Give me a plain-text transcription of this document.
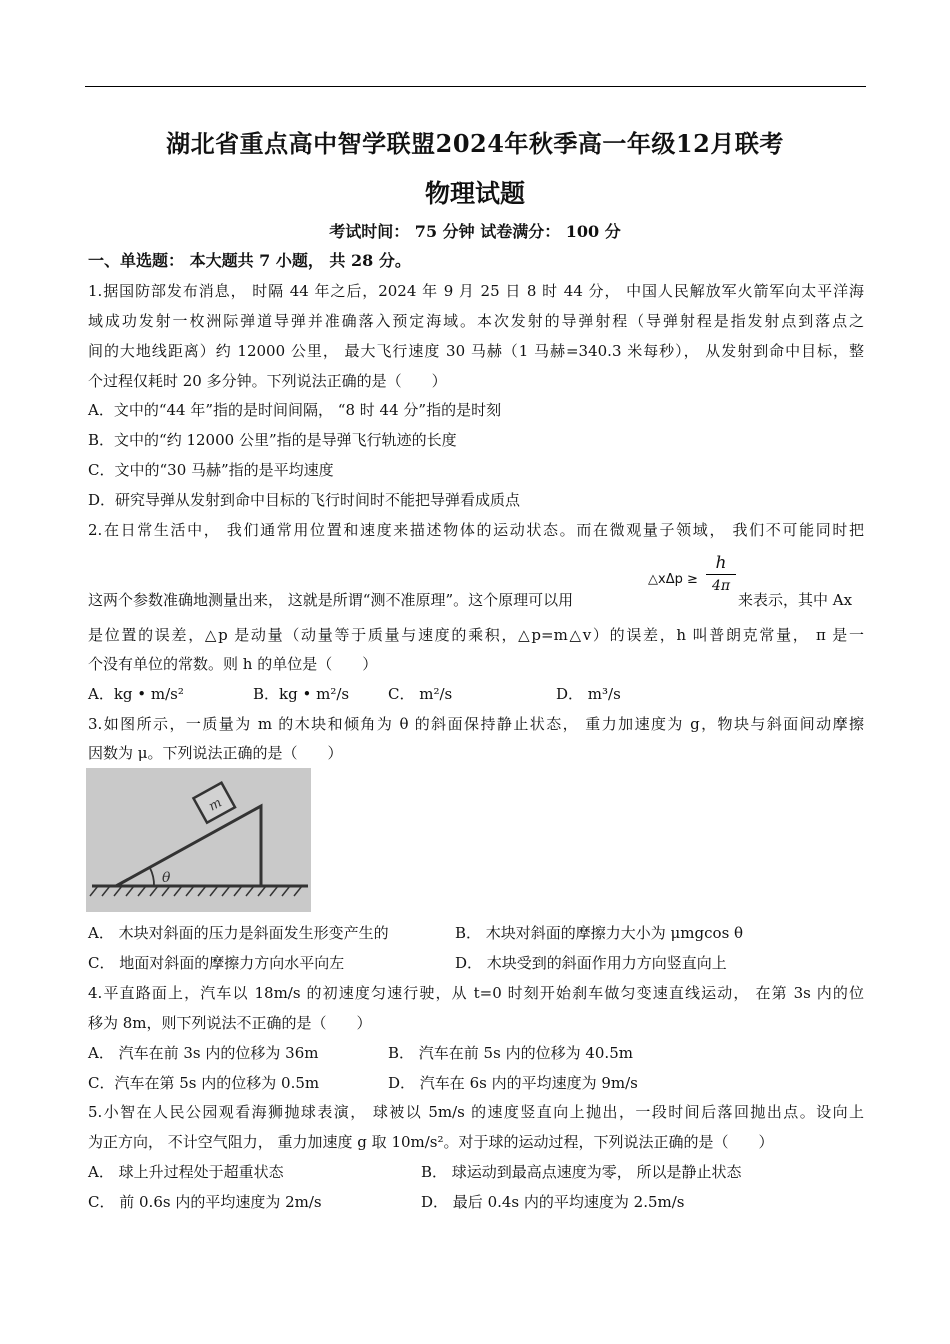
湖北省重点高中智学联盟2024年秋季高一年级12月联考
物理试题
考试时间： 75 分钟 试卷满分： 100 分
一、单选题： 本大题共 7 小题， 共 28 分。
1.据国防部发布消息， 时隔 44 年之后，2024 年 9 月 25 日 8 时 44 分， 中国人民解放军火箭军向太平洋海
域成功发射一枚洲际弹道导弹并准确落入预定海域。本次发射的导弹射程（导弹射程是指发射点到落点之
间的大地线距离）约 12000 公里， 最大飞行速度 30 马赫（1 马赫=340.3 米每秒）， 从发射到命中目标，整
个过程仅耗时 20 多分钟。下列说法正确的是（　　）
A．文中的“44 年”指的是时间间隔， “8 时 44 分”指的是时刻
B．文中的“约 12000 公里”指的是导弹飞行轨迹的长度
C．文中的“30 马赫”指的是平均速度
D．研究导弹从发射到命中目标的飞行时间时不能把导弹看成质点
2.在日常生活中， 我们通常用位置和速度来描述物体的运动状态。而在微观量子领域， 我们不可能同时把
这两个参数准确地测量出来， 这就是所谓“测不准原理”。这个原理可以用
△xΔp ≥
h
4π
来表示，其中 Ax
是位置的误差，△p 是动量（动量等于质量与速度的乘积，△p=m△v）的误差，h 叫普朗克常量， π 是一
个没有单位的常数。则 h 的单位是（　　）
A．kg • m/s²	B．kg • m²/s	C． m²/s	D． m³/s
3.如图所示，一质量为 m 的木块和倾角为 θ 的斜面保持静止状态， 重力加速度为 g，物块与斜面间动摩擦
因数为 μ。下列说法正确的是（　　）
m
θ
A． 木块对斜面的压力是斜面发生形变产生的	B． 木块对斜面的摩擦力大小为 μmgcos θ
C． 地面对斜面的摩擦力方向水平向左	D． 木块受到的斜面作用力方向竖直向上
4.平直路面上，汽车以 18m/s 的初速度匀速行驶，从 t=0 时刻开始刹车做匀变速直线运动， 在第 3s 内的位
移为 8m，则下列说法不正确的是（　　）
A． 汽车在前 3s 内的位移为 36m	B． 汽车在前 5s 内的位移为 40.5m
C．汽车在第 5s 内的位移为 0.5m	D． 汽车在 6s 内的平均速度为 9m/s
5.小智在人民公园观看海狮抛球表演， 球被以 5m/s 的速度竖直向上抛出，一段时间后落回抛出点。设向上
为正方向， 不计空气阻力， 重力加速度 g 取 10m/s²。对于球的运动过程，下列说法正确的是（　　）
A． 球上升过程处于超重状态	B． 球运动到最高点速度为零， 所以是静止状态
C． 前 0.6s 内的平均速度为 2m/s	D． 最后 0.4s 内的平均速度为 2.5m/s
